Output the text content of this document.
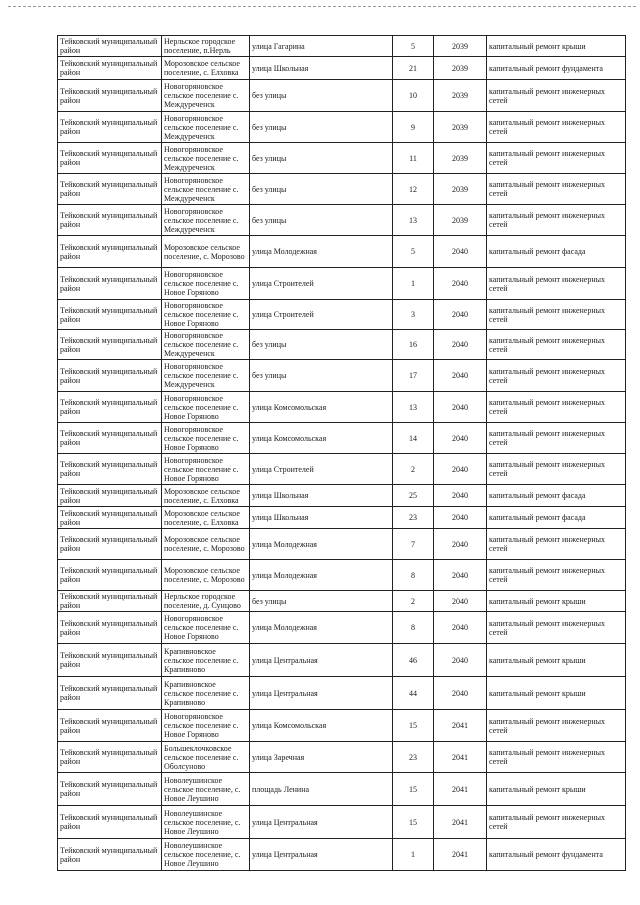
Тейковский муниципальный район	Нерльское городское поселение, п.Нерль	улица Гагарина	5	2039	капитальный ремонт крыши
Тейковский муниципальный район	Морозовское сельское поселение, с. Елховка	улица Школьная	21	2039	капитальный ремонт фундамента
Тейковский муниципальный район	Новогоряновское сельское поселение с. Междуреченск	без улицы	10	2039	капитальный ремонт инженерных сетей
Тейковский муниципальный район	Новогоряновское сельское поселение с. Междуреченск	без улицы	9	2039	капитальный ремонт инженерных сетей
Тейковский муниципальный район	Новогоряновское сельское поселение с. Междуреченск	без улицы	11	2039	капитальный ремонт инженерных сетей
Тейковский муниципальный район	Новогоряновское сельское поселение с. Междуреченск	без улицы	12	2039	капитальный ремонт инженерных сетей
Тейковский муниципальный район	Новогоряновское сельское поселение с. Междуреченск	без улицы	13	2039	капитальный ремонт инженерных сетей
Тейковский муниципальный район	Морозовское сельское поселение, с. Морозово	улица Молодежная	5	2040	капитальный ремонт фасада
Тейковский муниципальный район	Новогоряновское сельское поселение с. Новое Горяново	улица Строителей	1	2040	капитальный ремонт инженерных сетей
Тейковский муниципальный район	Новогоряновское сельское поселение с. Новое Горяново	улица Строителей	3	2040	капитальный ремонт инженерных сетей
Тейковский муниципальный район	Новогоряновское сельское поселение с. Междуреченск	без улицы	16	2040	капитальный ремонт инженерных сетей
Тейковский муниципальный район	Новогоряновское сельское поселение с. Междуреченск	без улицы	17	2040	капитальный ремонт инженерных сетей
Тейковский муниципальный район	Новогоряновское сельское поселение с. Новое Горяново	улица Комсомольская	13	2040	капитальный ремонт инженерных сетей
Тейковский муниципальный район	Новогоряновское сельское поселение с. Новое Горяново	улица Комсомольская	14	2040	капитальный ремонт инженерных сетей
Тейковский муниципальный район	Новогоряновское сельское поселение с. Новое Горяново	улица Строителей	2	2040	капитальный ремонт инженерных сетей
Тейковский муниципальный район	Морозовское сельское поселение, с. Елховка	улица Школьная	25	2040	капитальный ремонт фасада
Тейковский муниципальный район	Морозовское сельское поселение, с. Елховка	улица Школьная	23	2040	капитальный ремонт фасада
Тейковский муниципальный район	Морозовское сельское поселение, с. Морозово	улица Молодежная	7	2040	капитальный ремонт инженерных сетей
Тейковский муниципальный район	Морозовское сельское поселение, с. Морозово	улица Молодежная	8	2040	капитальный ремонт инженерных сетей
Тейковский муниципальный район	Нерльское городское поселение, д. Сунцово	без улицы	2	2040	капитальный ремонт крыши
Тейковский муниципальный район	Новогоряновское сельское поселение с. Новое Горяново	улица Молодежная	8	2040	капитальный ремонт инженерных сетей
Тейковский муниципальный район	Крапивновское сельское поселение с. Крапивново	улица Центральная	46	2040	капитальный ремонт крыши
Тейковский муниципальный район	Крапивновское сельское поселение с. Крапивново	улица Центральная	44	2040	капитальный ремонт крыши
Тейковский муниципальный район	Новогоряновское сельское поселение с. Новое Горяново	улица Комсомольская	15	2041	капитальный ремонт инженерных сетей
Тейковский муниципальный район	Большеклочковское сельское поселение с. Оболсуново	улица Заречная	23	2041	капитальный ремонт инженерных сетей
Тейковский муниципальный район	Новолеушинское сельское поселение, с. Новое Леушино	площадь Ленина	15	2041	капитальный ремонт крыши
Тейковский муниципальный район	Новолеушинское сельское поселение, с. Новое Леушино	улица Центральная	15	2041	капитальный ремонт инженерных сетей
Тейковский муниципальный район	Новолеушинское сельское поселение, с. Новое Леушино	улица Центральная	1	2041	капитальный ремонт фундамента
